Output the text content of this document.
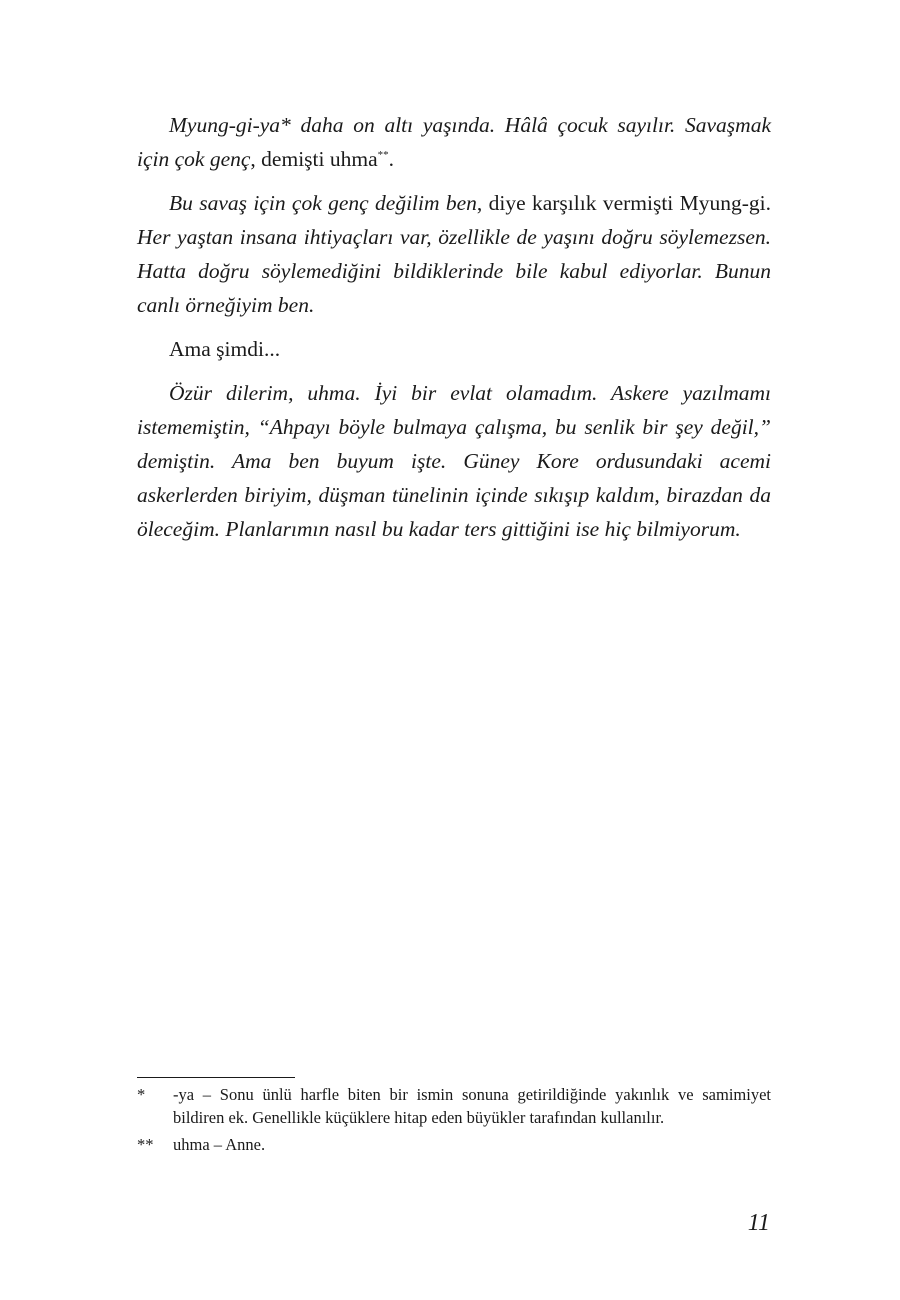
Myung-gi-ya* daha on altı yaşında. Hâlâ çocuk sayılır. Savaşmak için çok genç, demişti uhma**.

Bu savaş için çok genç değilim ben, diye karşılık vermişti Myung-gi. Her yaştan insana ihtiyaçları var, özellikle de yaşını doğru söylemezsen. Hatta doğru söylemediğini bildiklerinde bile kabul ediyorlar. Bunun canlı örneğiyim ben.

Ama şimdi...

Özür dilerim, uhma. İyi bir evlat olamadım. Askere yazılmamı istememiştin, “Ahpayı böyle bulmaya çalışma, bu senlik bir şey değil,” demiştin. Ama ben buyum işte. Güney Kore ordusundaki acemi askerlerden biriyim, düşman tünelinin içinde sıkışıp kaldım, birazdan da öleceğim. Planlarımın nasıl bu kadar ters gittiğini ise hiç bilmiyorum.

*	-ya – Sonu ünlü harfle biten bir ismin sonuna getirildiğinde yakınlık ve samimiyet bildiren ek. Genellikle küçüklere hitap eden büyükler tarafından kullanılır.
**	uhma – Anne.
11
